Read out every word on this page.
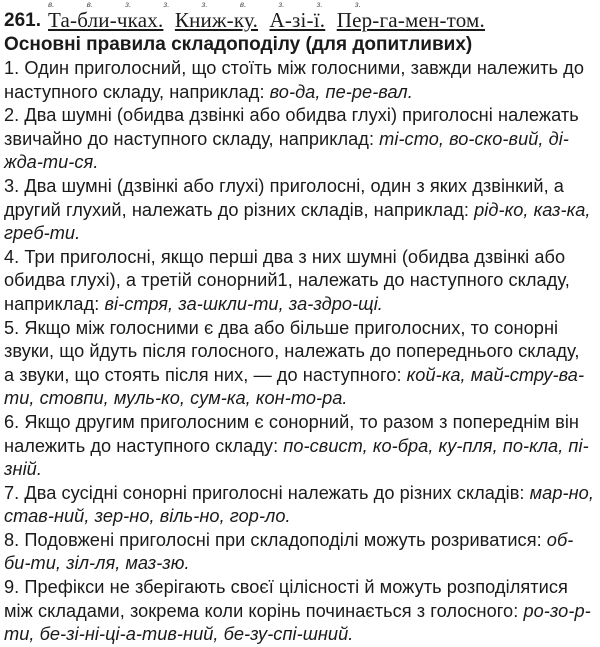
в.	в.	з.	з.	з.	в.	з.	з.	з.
261. Та-бли-чках. Книж-ку. А-зі-ї. Пер-га-мен-том.
Основні правила складоподілу (для допитливих)

1. Один приголосний, що стоїть між голосними, завжди належить до наступного складу, наприклад: во-да, пе-ре-вал.

2. Два шумні (обидва дзвінкі або обидва глухі) приголосні належать звичайно до наступного складу, наприклад: ті-сто, во-ско-вий, ді-жда-ти-ся.

3. Два шумні (дзвінкі або глухі) приголосні, один з яких дзвінкий, а другий глухий, належать до різних складів, наприклад: рід-ко, каз-ка, греб-ти.

4. Три приголосні, якщо перші два з них шумні (обидва дзвінкі або обидва глухі), а третій сонорний1, належать до наступного складу, наприклад: ві-стря, за-шкли-ти, за-здро-щі.

5. Якщо між голосними є два або більше приголосних, то сонорні звуки, що йдуть після голосного, належать до попереднього складу, а звуки, що стоять після них, — до наступного: кой-ка, май-стру-ва-ти, стовпи, муль-ко, сум-ка, кон-то-ра.

6. Якщо другим приголосним є сонорний, то разом з попереднім він належить до наступного складу: по-свист, ко-бра, ку-пля, по-кла, пі-зній.

7. Два сусідні сонорні приголосні належать до різних складів: мар-но, став-ний, зер-но, віль-но, гор-ло.

8. Подовжені приголосні при складоподілі можуть розриватися: об-би-ти, зіл-ля, маз-зю.

9. Префікси не зберігають своєї цілісності й можуть розподілятися між складами, зокрема коли корінь починається з голосного: ро-зо-р-ти, бе-зі-ні-ці-а-тив-ний, бе-зу-спі-шний.
